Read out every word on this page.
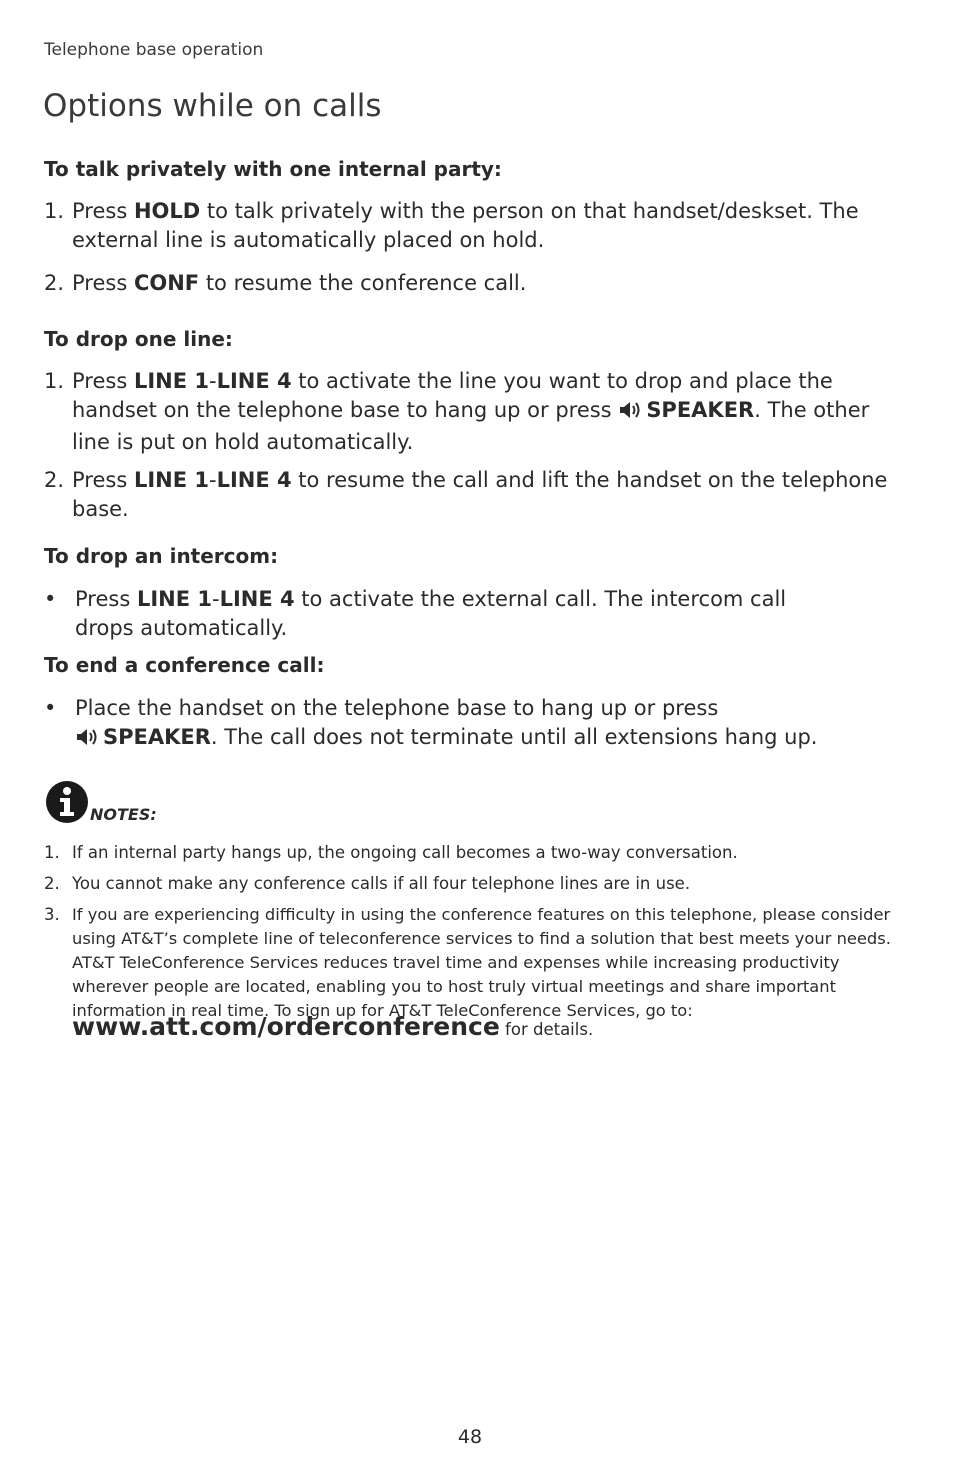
Telephone base operation
Options while on calls
To talk privately with one internal party:
1. Press HOLD to talk privately with the person on that handset/deskset. The external line is automatically placed on hold.
2. Press CONF to resume the conference call.
To drop one line:
1. Press LINE 1-LINE 4 to activate the line you want to drop and place the handset on the telephone base to hang up or press SPEAKER. The other line is put on hold automatically.
2. Press LINE 1-LINE 4 to resume the call and lift the handset on the telephone base.
To drop an intercom:
• Press LINE 1-LINE 4 to activate the external call. The intercom call drops automatically.
To end a conference call:
• Place the handset on the telephone base to hang up or press
SPEAKER. The call does not terminate until all extensions hang up.
NOTES:
1. If an internal party hangs up, the ongoing call becomes a two-way conversation.
2. You cannot make any conference calls if all four telephone lines are in use.
3. If you are experiencing difficulty in using the conference features on this telephone, please consider using AT&T’s complete line of teleconference services to find a solution that best meets your needs. AT&T TeleConference Services reduces travel time and expenses while increasing productivity wherever people are located, enabling you to host truly virtual meetings and share important information in real time. To sign up for AT&T TeleConference Services, go to:
www.att.com/orderconference for details.
48
